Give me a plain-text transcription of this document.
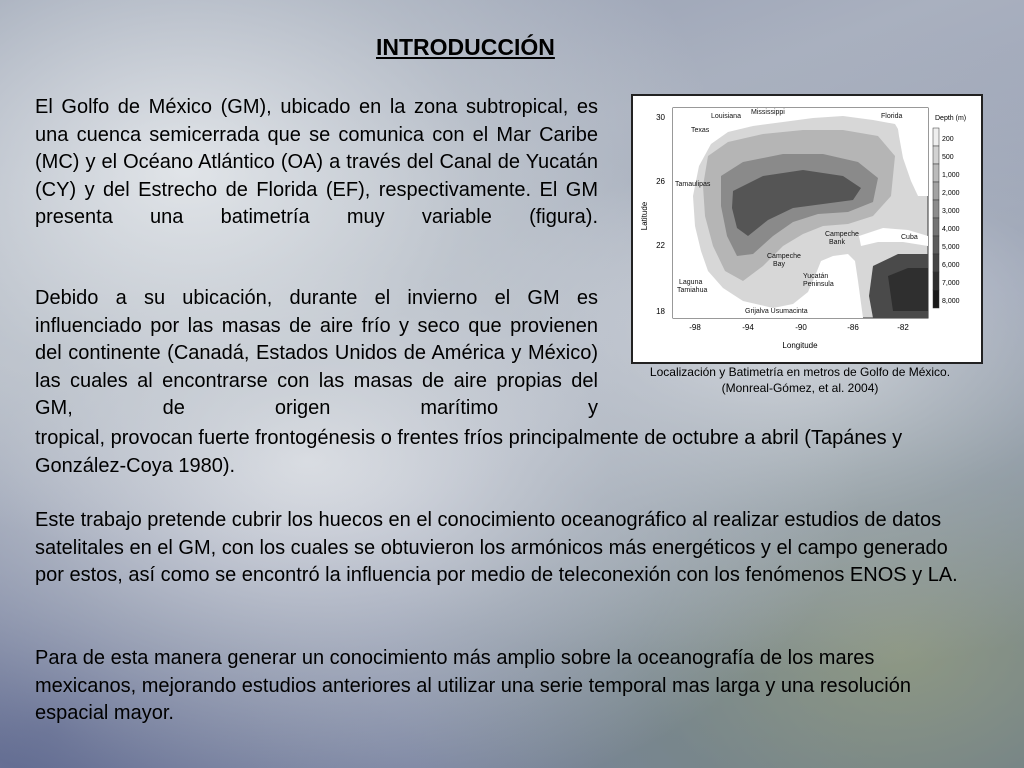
INTRODUCCIÓN

El Golfo de México (GM), ubicado en la zona subtropical, es una cuenca semicerrada que se comunica con el Mar Caribe (MC) y el Océano Atlántico (OA) a través del Canal de Yucatán (CY) y del Estrecho de Florida (EF), respectivamente. El GM presenta una batimetría muy variable (figura).

Debido a su ubicación, durante el invierno el GM es influenciado por las masas de aire frío y seco que provienen del continente (Canadá, Estados Unidos de América y México) las cuales al encontrarse con las masas de aire propias del GM, de origen marítimo y

tropical, provocan fuerte frontogénesis o frentes fríos principalmente de octubre a abril (Tapánes y González-Coya 1980).

Este trabajo pretende cubrir los huecos en el conocimiento oceanográfico al realizar estudios de datos satelitales en el GM, con los cuales se obtuvieron los armónicos más energéticos y el campo generado por estos, así como se encontró la influencia por medio de teleconexión con los fenómenos ENOS y LA.

Para de esta manera generar un conocimiento más amplio sobre la oceanografía de los mares mexicanos, mejorando estudios anteriores al utilizar una serie temporal mas larga y una resolución espacial mayor.

30
26
22
18
Latitude
-98	-94	-90	-86	-82
Longitude
Louisiana
Mississippi
Florida
Texas
Tamaulipas
Cuba
Campeche
Bank
Campeche
Bay
Yucatán
Peninsula
Laguna
Tamiahua
Grijalva Usumacinta
Depth (m)
200
500
1,000
2,000
3,000
4,000
5,000
6,000
7,000
8,000
Localización y Batimetría en metros de Golfo de México.
(Monreal-Gómez, et al. 2004)
